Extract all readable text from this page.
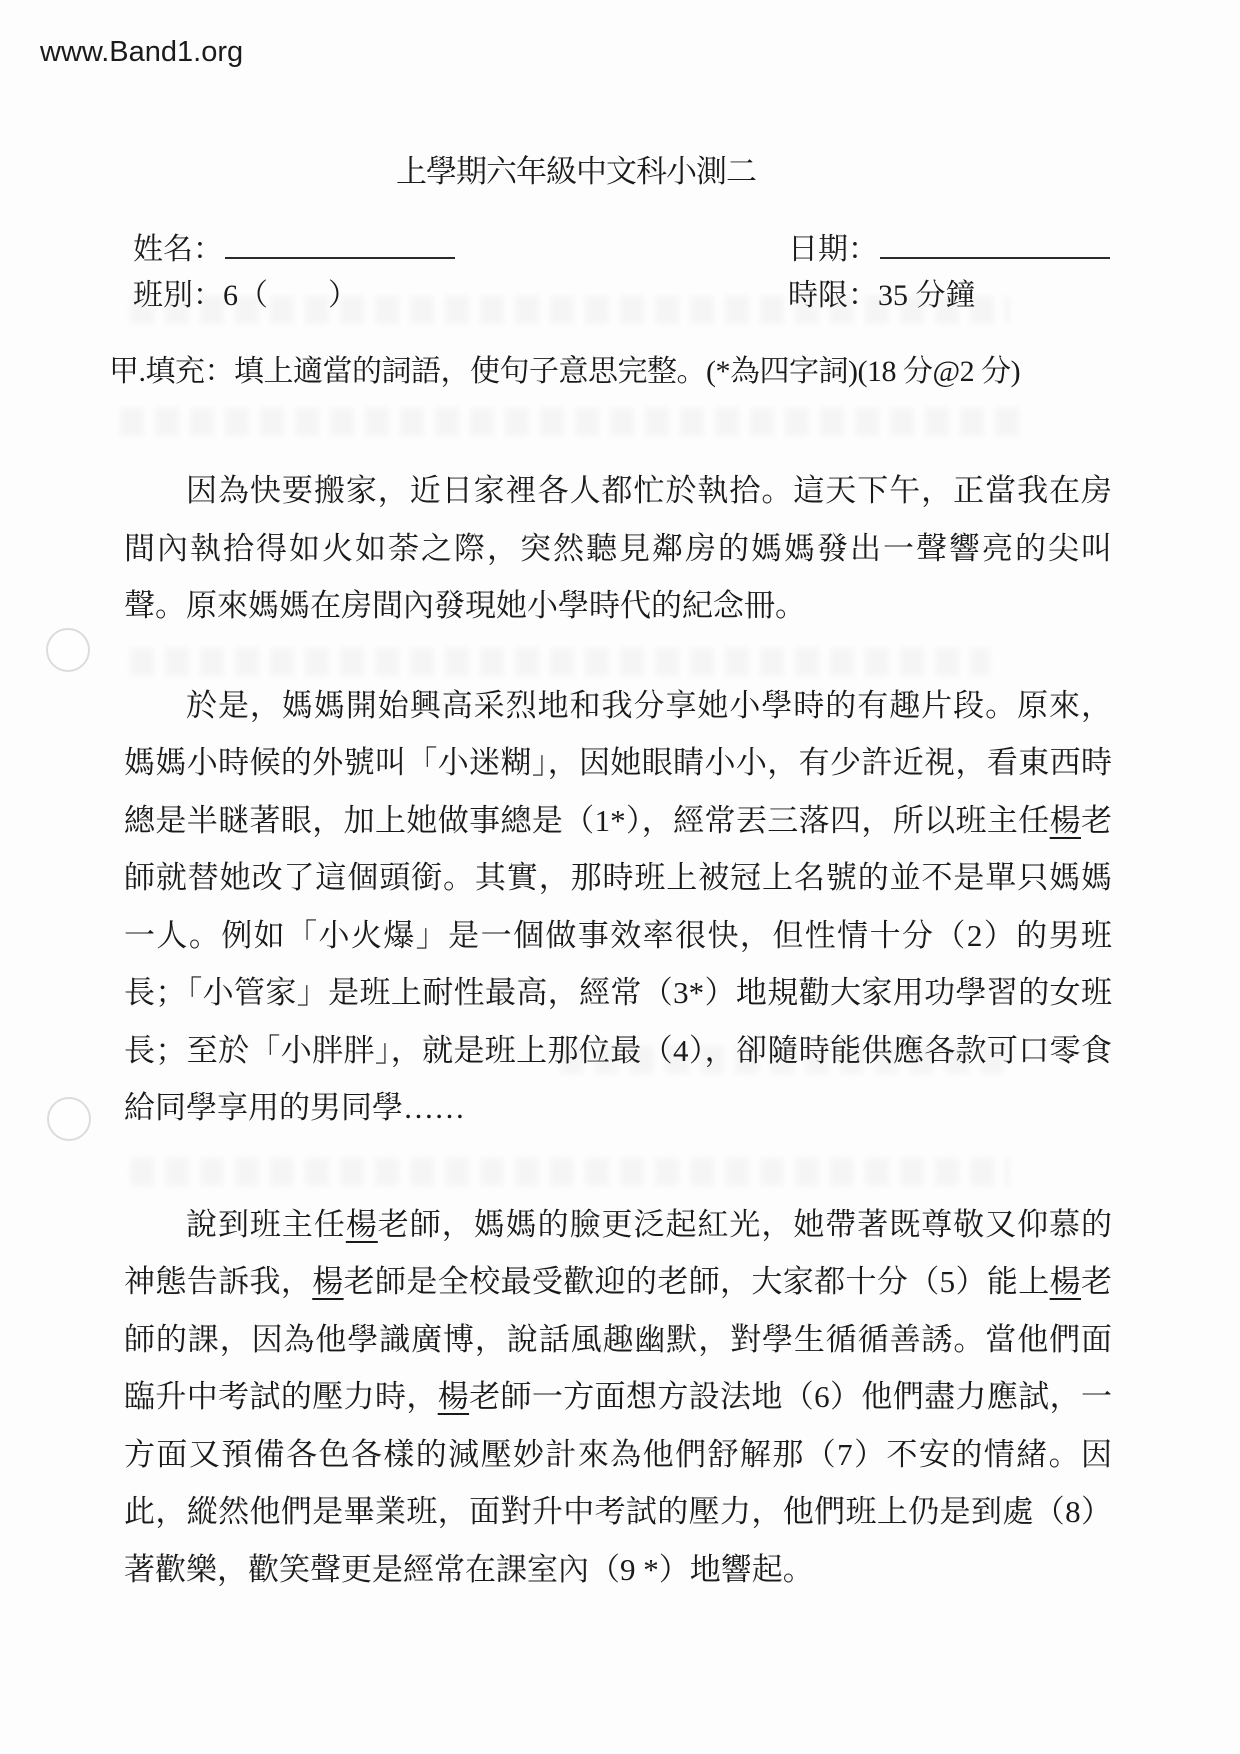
www.Band1.org
上學期六年級中文科小測二
姓名：
班別：6（　　）
日期：
時限：35 分鐘
甲.填充：填上適當的詞語，使句子意思完整。(*為四字詞)(18 分@2 分)

因為快要搬家，近日家裡各人都忙於執拾。這天下午，正當我在房間內執拾得如火如荼之際，突然聽見鄰房的媽媽發出一聲響亮的尖叫聲。原來媽媽在房間內發現她小學時代的紀念冊。

於是，媽媽開始興高采烈地和我分享她小學時的有趣片段。原來，媽媽小時候的外號叫「小迷糊」，因她眼睛小小，有少許近視，看東西時總是半瞇著眼，加上她做事總是（1*），經常丟三落四，所以班主任楊老師就替她改了這個頭銜。其實，那時班上被冠上名號的並不是單只媽媽一人。例如「小火爆」是一個做事效率很快，但性情十分（2）的男班長；「小管家」是班上耐性最高，經常（3*）地規勸大家用功學習的女班長；至於「小胖胖」，就是班上那位最（4），卻隨時能供應各款可口零食給同學享用的男同學……

說到班主任楊老師，媽媽的臉更泛起紅光，她帶著既尊敬又仰慕的神態告訴我，楊老師是全校最受歡迎的老師，大家都十分（5）能上楊老師的課，因為他學識廣博，說話風趣幽默，對學生循循善誘。當他們面臨升中考試的壓力時，楊老師一方面想方設法地（6）他們盡力應試，一方面又預備各色各樣的減壓妙計來為他們舒解那（7）不安的情緒。因此，縱然他們是畢業班，面對升中考試的壓力，他們班上仍是到處（8）著歡樂，歡笑聲更是經常在課室內（9 *）地響起。
